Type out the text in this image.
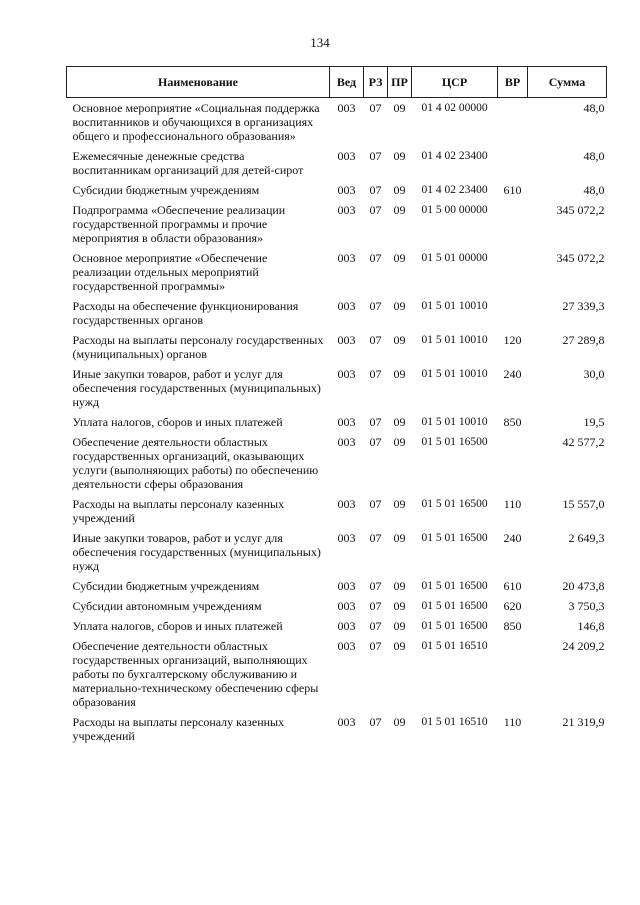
134
Наименование	Вед	РЗ	ПР	ЦСР	ВР	Сумма
Основное мероприятие «Социальная поддержка воспитанников и обучающихся в организациях общего и профессионального образования»	003	07	09	01 4 02 00000		48,0
Ежемесячные денежные средства воспитанникам организаций для детей-сирот	003	07	09	01 4 02 23400		48,0
Субсидии бюджетным учреждениям	003	07	09	01 4 02 23400	610	48,0
Подпрограмма «Обеспечение реализации государственной программы и прочие мероприятия в области образования»	003	07	09	01 5 00 00000		345 072,2
Основное мероприятие «Обеспечение реализации отдельных мероприятий государственной программы»	003	07	09	01 5 01 00000		345 072,2
Расходы на обеспечение функционирования государственных органов	003	07	09	01 5 01 10010		27 339,3
Расходы на выплаты персоналу государственных (муниципальных) органов	003	07	09	01 5 01 10010	120	27 289,8
Иные закупки товаров, работ и услуг для обеспечения государственных (муниципальных) нужд	003	07	09	01 5 01 10010	240	30,0
Уплата налогов, сборов и иных платежей	003	07	09	01 5 01 10010	850	19,5
Обеспечение деятельности областных государственных организаций, оказывающих услуги (выполняющих работы) по обеспечению деятельности сферы образования	003	07	09	01 5 01 16500		42 577,2
Расходы на выплаты персоналу казенных учреждений	003	07	09	01 5 01 16500	110	15 557,0
Иные закупки товаров, работ и услуг для обеспечения государственных (муниципальных) нужд	003	07	09	01 5 01 16500	240	2 649,3
Субсидии бюджетным учреждениям	003	07	09	01 5 01 16500	610	20 473,8
Субсидии автономным учреждениям	003	07	09	01 5 01 16500	620	3 750,3
Уплата налогов, сборов и иных платежей	003	07	09	01 5 01 16500	850	146,8
Обеспечение деятельности областных государственных организаций, выполняющих работы по бухгалтерскому обслуживанию и материально-техническому обеспечению сферы образования	003	07	09	01 5 01 16510		24 209,2
Расходы на выплаты персоналу казенных учреждений	003	07	09	01 5 01 16510	110	21 319,9
